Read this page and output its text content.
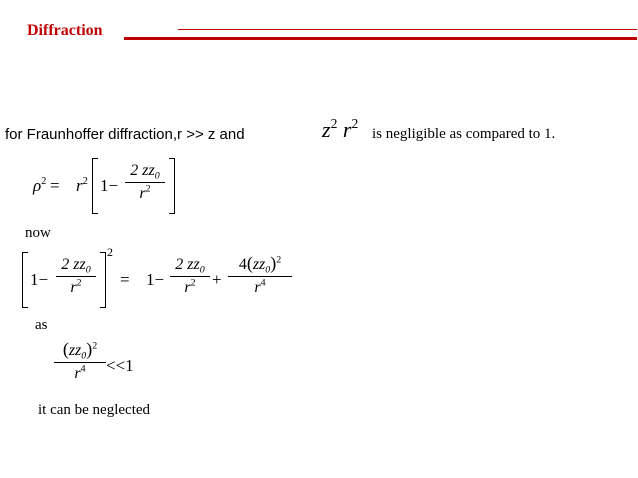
Diffraction
for Fraunhoffer diffraction,r >> z and	$z^2$ $r^2$
is negligible as compared to 1.
$\rho^2 = r^2$ 1−
2 $zz_0$
$r^2$
now
1−
2 $zz_0$
$r^2$
2
= 1−
2 $zz_0$
$r^2$ +
$4(zz_0)^2$
$r^4$
as
$(zz_0)^2$
$r^4$	<<1
it can be neglected
